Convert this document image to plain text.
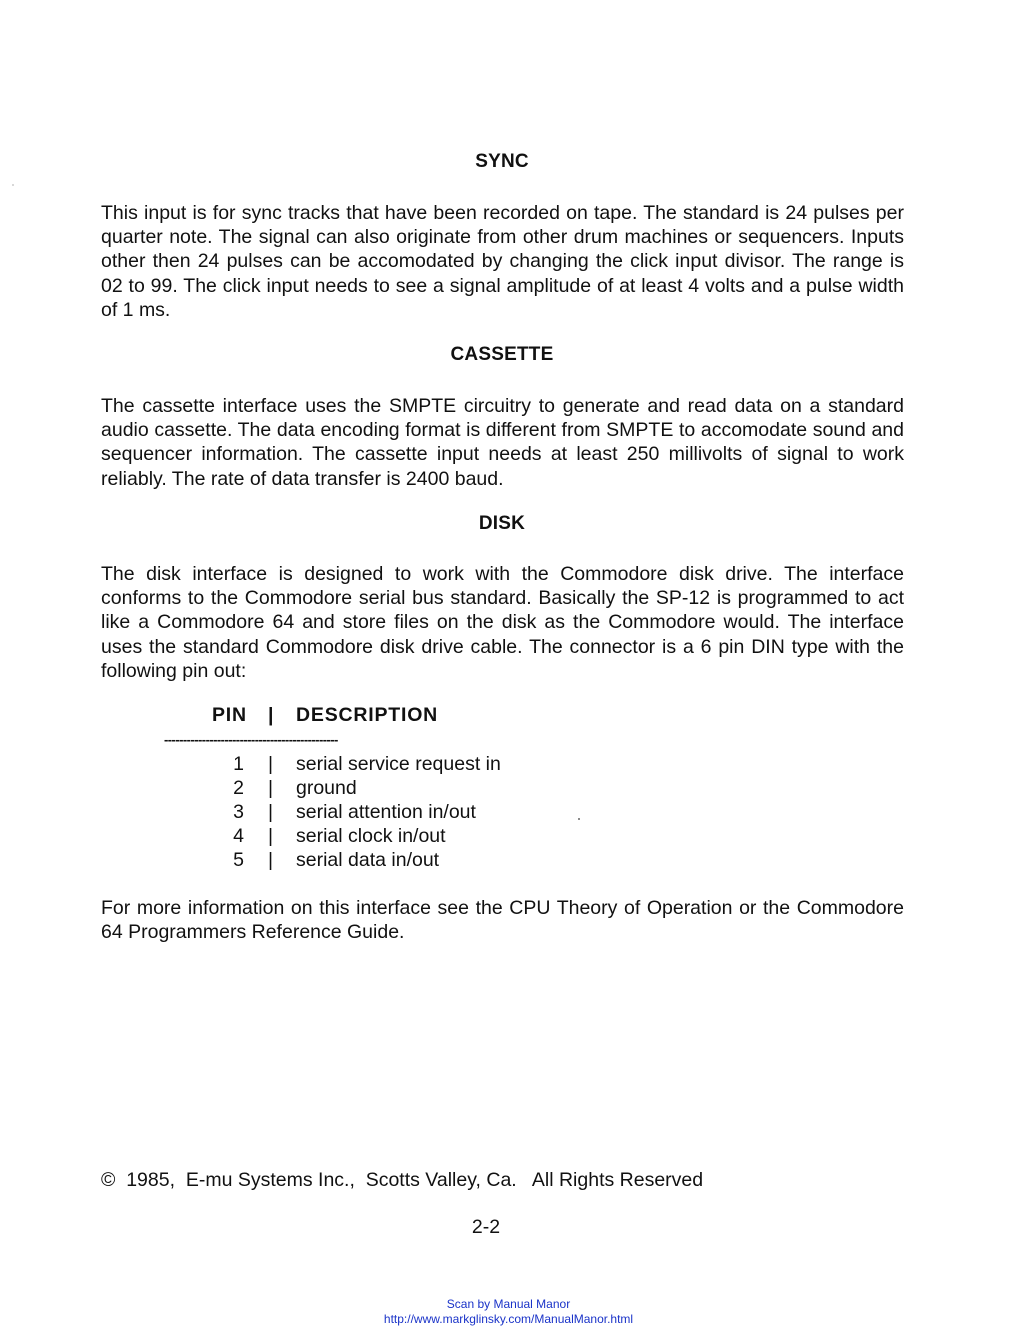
SYNC

This input is for sync tracks that have been recorded on tape. The standard is 24 pulses per quarter note. The signal can also originate from other drum machines or sequencers. Inputs other then 24 pulses can be accomodated by changing the click input divisor. The range is 02 to 99. The click input needs to see a signal amplitude of at least 4 volts and a pulse width of 1 ms.

CASSETTE

The cassette interface uses the SMPTE circuitry to generate and read data on a standard audio cassette. The data encoding format is different from SMPTE to accomodate sound and sequencer information. The cassette input needs at least 250 millivolts of signal to work reliably. The rate of data transfer is 2400 baud.

DISK

The disk interface is designed to work with the Commodore disk drive. The interface conforms to the Commodore serial bus standard. Basically the SP-12 is programmed to act like a Commodore 64 and store files on the disk as the Commodore would. The interface uses the standard Commodore disk drive cable. The connector is a 6 pin DIN type with the following pin out:

PIN | DESCRIPTION
----------------------------------------------
1 | serial service request in
2 | ground
3 | serial attention in/out
4 | serial clock in/out
5 | serial data in/out

For more information on this interface see the CPU Theory of Operation or the Commodore 64 Programmers Reference Guide.

©  1985,  E-mu Systems Inc.,  Scotts Valley, Ca.   All Rights Reserved
2-2
Scan by Manual Manor
http://www.markglinsky.com/ManualManor.html
